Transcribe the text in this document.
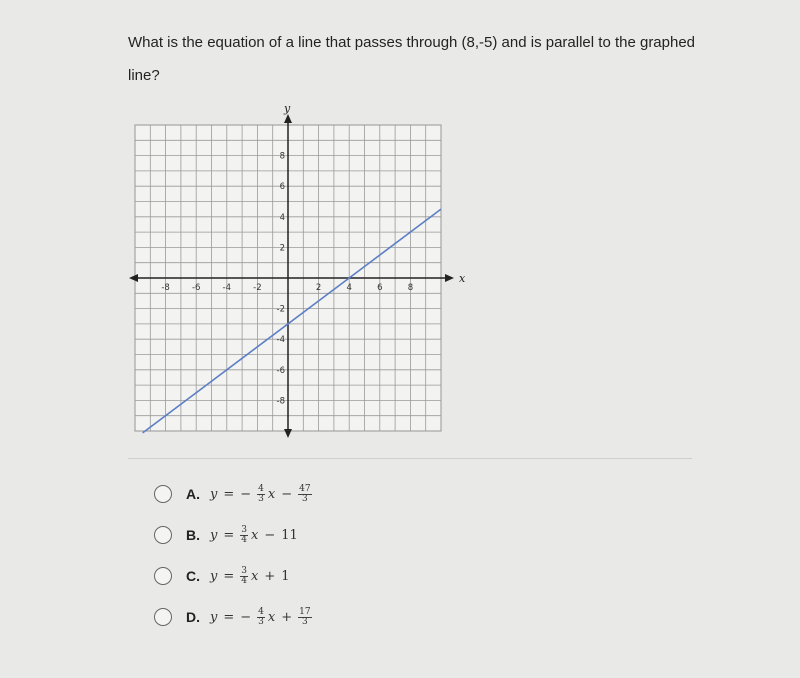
What is the equation of a line that passes through (8,-5) and is parallel to the graphed line?
x
y
-8	-6	-4	-2	2	4	6	8
8
6
4
2
-2
-4
-6
-8
A. y = − $\frac{4}{3}$ $x - \frac{47}{3}$
B. $y = \frac{3}{4}$ x − 11
C. $y = \frac{3}{4}$ x + 1
D. y = − $\frac{4}{3}$ $x + \frac{17}{3}$
